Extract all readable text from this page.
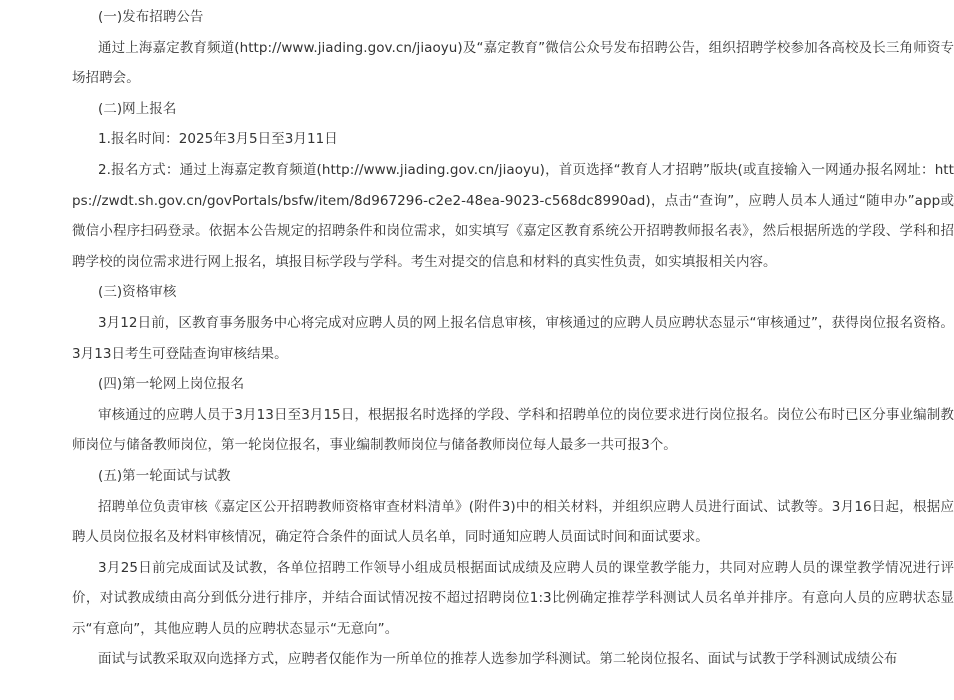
(一)发布招聘公告

通过上海嘉定教育频道(http://www.jiading.gov.cn/jiaoyu)及“嘉定教育”微信公众号发布招聘公告，组织招聘学校参加各高校及长三角师资专场招聘会。

(二)网上报名

1.报名时间：2025年3月5日至3月11日

2.报名方式：通过上海嘉定教育频道(http://www.jiading.gov.cn/jiaoyu)，首页选择“教育人才招聘”版块(或直接输入一网通办报名网址：https://zwdt.sh.gov.cn/govPortals/bsfw/item/8d967296-c2e2-48ea-9023-c568dc8990ad)，点击“查询”，应聘人员本人通过“随申办”app或微信小程序扫码登录。依据本公告规定的招聘条件和岗位需求，如实填写《嘉定区教育系统公开招聘教师报名表》，然后根据所选的学段、学科和招聘学校的岗位需求进行网上报名，填报目标学段与学科。考生对提交的信息和材料的真实性负责，如实填报相关内容。

(三)资格审核

3月12日前，区教育事务服务中心将完成对应聘人员的网上报名信息审核，审核通过的应聘人员应聘状态显示“审核通过”，获得岗位报名资格。3月13日考生可登陆查询审核结果。

(四)第一轮网上岗位报名

审核通过的应聘人员于3月13日至3月15日，根据报名时选择的学段、学科和招聘单位的岗位要求进行岗位报名。岗位公布时已区分事业编制教师岗位与储备教师岗位，第一轮岗位报名，事业编制教师岗位与储备教师岗位每人最多一共可报3个。

(五)第一轮面试与试教

招聘单位负责审核《嘉定区公开招聘教师资格审查材料清单》(附件3)中的相关材料，并组织应聘人员进行面试、试教等。3月16日起，根据应聘人员岗位报名及材料审核情况，确定符合条件的面试人员名单，同时通知应聘人员面试时间和面试要求。

3月25日前完成面试及试教，各单位招聘工作领导小组成员根据面试成绩及应聘人员的课堂教学能力，共同对应聘人员的课堂教学情况进行评价，对试教成绩由高分到低分进行排序，并结合面试情况按不超过招聘岗位1:3比例确定推荐学科测试人员名单并排序。有意向人员的应聘状态显示“有意向”，其他应聘人员的应聘状态显示“无意向”。

面试与试教采取双向选择方式，应聘者仅能作为一所单位的推荐人选参加学科测试。第二轮岗位报名、面试与试教于学科测试成绩公布
